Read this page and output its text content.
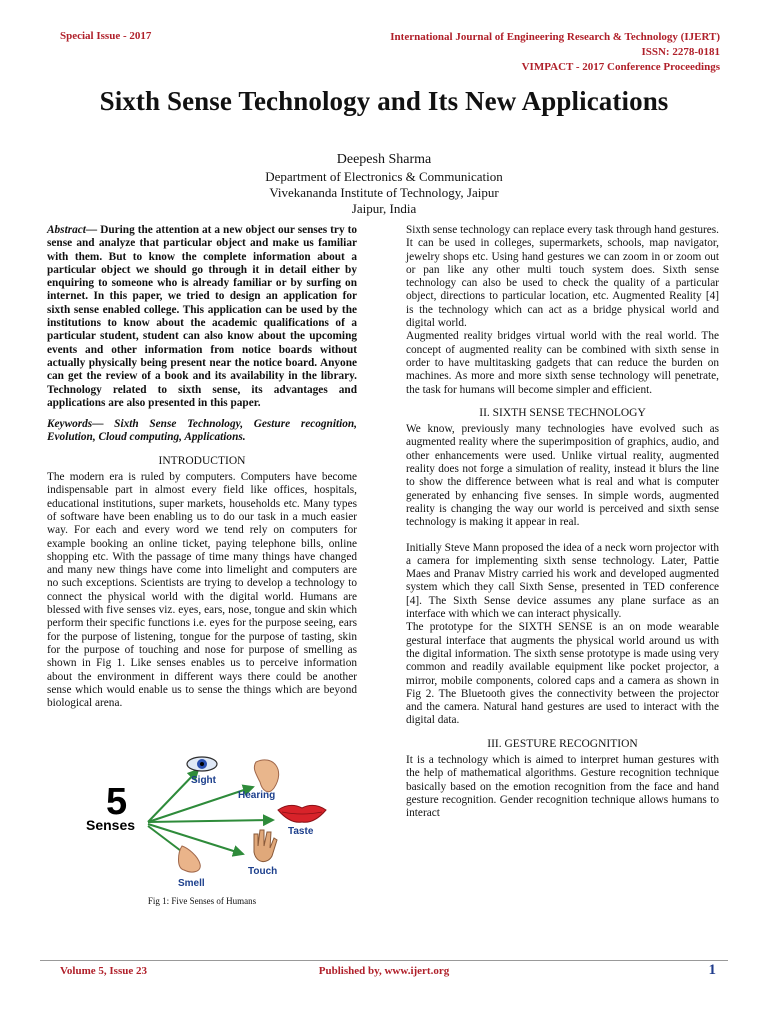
Special Issue - 2017	International Journal of Engineering Research & Technology (IJERT)
ISSN: 2278-0181
VIMPACT - 2017 Conference Proceedings
Sixth Sense Technology and Its New Applications
Deepesh Sharma
Department of Electronics & Communication
Vivekananda Institute of Technology, Jaipur
Jaipur, India

Abstract— During the attention at a new object our senses try to sense and analyze that particular object and make us familiar with them. But to know the complete information about a particular object we should go through it in detail either by enquiring to someone who is already familiar or by surfing on internet. In this paper, we tried to design an application for sixth sense enabled college. This application can be used by the institutions to know about the academic qualifications of a particular student, student can also know about the upcoming events and other information from notice boards without actually physically being present near the notice board. Anyone can get the review of a book and its availability in the library. Technology related to sixth sense, its advantages and applications are also presented in this paper.

Keywords— Sixth Sense Technology, Gesture recognition, Evolution, Cloud computing, Applications.

INTRODUCTION

The modern era is ruled by computers. Computers have become indispensable part in almost every field like offices, hospitals, educational institutions, super markets, households etc. Many types of software have been enabling us to do our task in a much easier way. For each and every word we tend rely on computers for example booking an online ticket, paying telephone bills, online shopping etc. With the passage of time many things have changed and many new things have come into limelight and computers are no such exceptions. Scientists are trying to develop a technology to connect the physical world with the digital world. Humans are blessed with five senses viz. eyes, ears, nose, tongue and skin which perform their specific functions i.e. eyes for the purpose seeing, ears for the purpose of listening, tongue for the purpose of tasting, skin for the purpose of touching and nose for purpose of smelling as shown in Fig 1. Like senses enables us to perceive information about the environment in different ways there could be another sense which would enable us to sense the things which are beyond biological arena.

5
Senses
Sight
Hearing
Taste
Touch
Smell
Fig 1: Five Senses of Humans

Sixth sense technology can replace every task through hand gestures. It can be used in colleges, supermarkets, schools, map navigator, jewelry shops etc. Using hand gestures we can zoom in or zoom out or pan like any other multi touch system does. Sixth sense technology can also be used to check the quality of a particular object, directions to particular location, etc. Augmented Reality [4] is the technology which can act as a bridge physical world and digital world.

Augmented reality bridges virtual world with the real world. The concept of augmented reality can be combined with sixth sense in order to have multitasking gadgets that can reduce the burden on machines. As more and more sixth sense technology will penetrate, the task for humans will become simpler and efficient.

II. SIXTH SENSE TECHNOLOGY

We know, previously many technologies have evolved such as augmented reality where the superimposition of graphics, audio, and other enhancements were used. Unlike virtual reality, augmented reality does not forge a simulation of reality, instead it blurs the line to show the difference between what is real and what is computer generated by enhancing five senses. In simple words, augmented reality is changing the way our world is perceived and sixth sense technology is making it appear in real.

Initially Steve Mann proposed the idea of a neck worn projector with a camera for implementing sixth sense technology. Later, Pattie Maes and Pranav Mistry carried his work and developed augmented system which they call Sixth Sense, presented in TED conference [4]. The Sixth Sense device assumes any plane surface as an interface with which we can interact physically.

The prototype for the SIXTH SENSE is an on mode wearable gestural interface that augments the physical world around us with the digital information. The sixth sense prototype is made using very common and readily available equipment like pocket projector, a mirror, mobile components, colored caps and a camera as shown in Fig 2. The Bluetooth gives the connectivity between the projector and the camera. Natural hand gestures are used to interact with the digital data.

III. GESTURE RECOGNITION

It is a technology which is aimed to interpret human gestures with the help of mathematical algorithms. Gesture recognition technique basically based on the emotion recognition from the face and hand gesture recognition. Gender recognition technique allows humans to interact

Volume 5, Issue 23	Published by, www.ijert.org	1
